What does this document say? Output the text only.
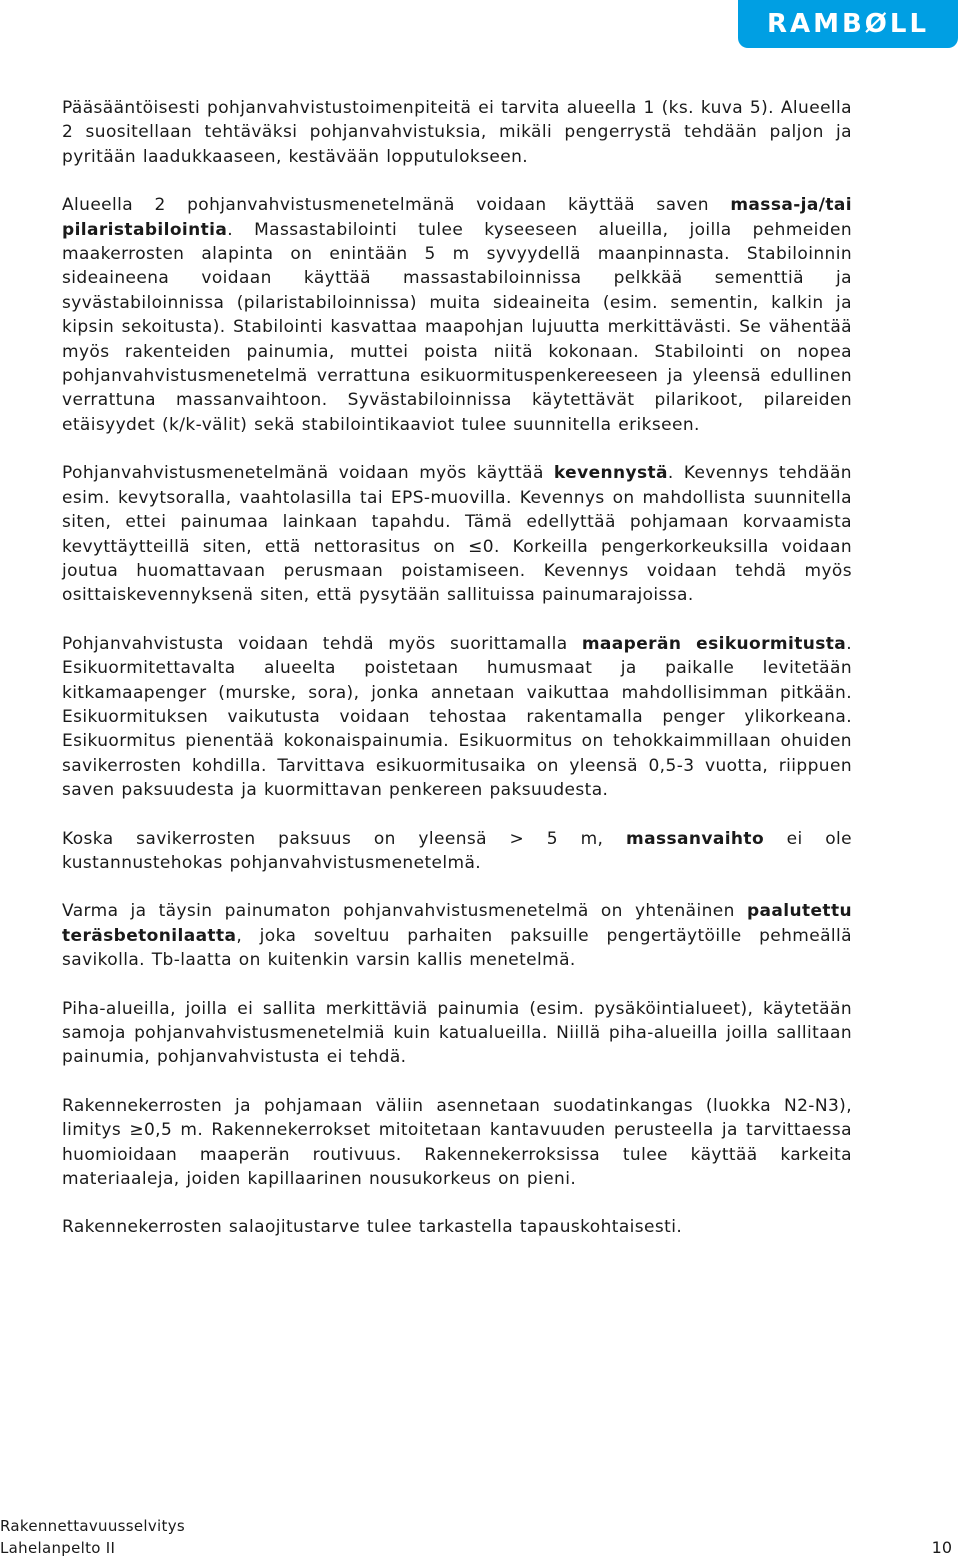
RAMBØLL

Pääsääntöisesti pohjanvahvistustoimenpiteitä ei tarvita alueella 1 (ks. kuva 5). Alueella 2 suositellaan tehtäväksi pohjanvahvistuksia, mikäli pengerrystä tehdään paljon ja pyritään laadukkaaseen, kestävään lopputulokseen.

Alueella 2 pohjanvahvistusmenetelmänä voidaan käyttää saven massa-ja/tai pilaristabilointia. Massastabilointi tulee kyseeseen alueilla, joilla pehmeiden maakerrosten alapinta on enintään 5 m syvyydellä maanpinnasta. Stabiloinnin sideaineena voidaan käyttää massastabiloinnissa pelkkää sementtiä ja syvästabiloinnissa (pilaristabiloinnissa) muita sideaineita (esim. sementin, kalkin ja kipsin sekoitusta). Stabilointi kasvattaa maapohjan lujuutta merkittävästi. Se vähentää myös rakenteiden painumia, muttei poista niitä kokonaan. Stabilointi on nopea pohjanvahvistusmenetelmä verrattuna esikuormituspenkereeseen ja yleensä edullinen verrattuna massanvaihtoon. Syvästabiloinnissa käytettävät pilarikoot, pilareiden etäisyydet (k/k-välit) sekä stabilointikaaviot tulee suunnitella erikseen.

Pohjanvahvistusmenetelmänä voidaan myös käyttää kevennystä. Kevennys tehdään esim. kevytsoralla, vaahtolasilla tai EPS-muovilla. Kevennys on mahdollista suunnitella siten, ettei painumaa lainkaan tapahdu. Tämä edellyttää pohjamaan korvaamista kevyttäytteillä siten, että nettorasitus on ≤0. Korkeilla pengerkorkeuksilla voidaan joutua huomattavaan perusmaan poistamiseen. Kevennys voidaan tehdä myös osittaiskevennyksenä siten, että pysytään sallituissa painumarajoissa.

Pohjanvahvistusta voidaan tehdä myös suorittamalla maaperän esikuormitusta. Esikuormitettavalta alueelta poistetaan humusmaat ja paikalle levitetään kitkamaapenger (murske, sora), jonka annetaan vaikuttaa mahdollisimman pitkään. Esikuormituksen vaikutusta voidaan tehostaa rakentamalla penger ylikorkeana. Esikuormitus pienentää kokonaispainumia. Esikuormitus on tehokkaimmillaan ohuiden savikerrosten kohdilla. Tarvittava esikuormitusaika on yleensä 0,5-3 vuotta, riippuen saven paksuudesta ja kuormittavan penkereen paksuudesta.

Koska savikerrosten paksuus on yleensä > 5 m, massanvaihto ei ole kustannustehokas pohjanvahvistusmenetelmä.

Varma ja täysin painumaton pohjanvahvistusmenetelmä on yhtenäinen paalutettu teräsbetonilaatta, joka soveltuu parhaiten paksuille pengertäytöille pehmeällä savikolla. Tb-laatta on kuitenkin varsin kallis menetelmä.

Piha-alueilla, joilla ei sallita merkittäviä painumia (esim. pysäköintialueet), käytetään samoja pohjanvahvistusmenetelmiä kuin katualueilla. Niillä piha-alueilla joilla sallitaan painumia, pohjanvahvistusta ei tehdä.

Rakennekerrosten ja pohjamaan väliin asennetaan suodatinkangas (luokka N2-N3), limitys ≥0,5 m. Rakennekerrokset mitoitetaan kantavuuden perusteella ja tarvittaessa huomioidaan maaperän routivuus. Rakennekerroksissa tulee käyttää karkeita materiaaleja, joiden kapillaarinen nousukorkeus on pieni.

Rakennekerrosten salaojitustarve tulee tarkastella tapauskohtaisesti.

Rakennettavuusselvitys
Lahelanpelto II	10
